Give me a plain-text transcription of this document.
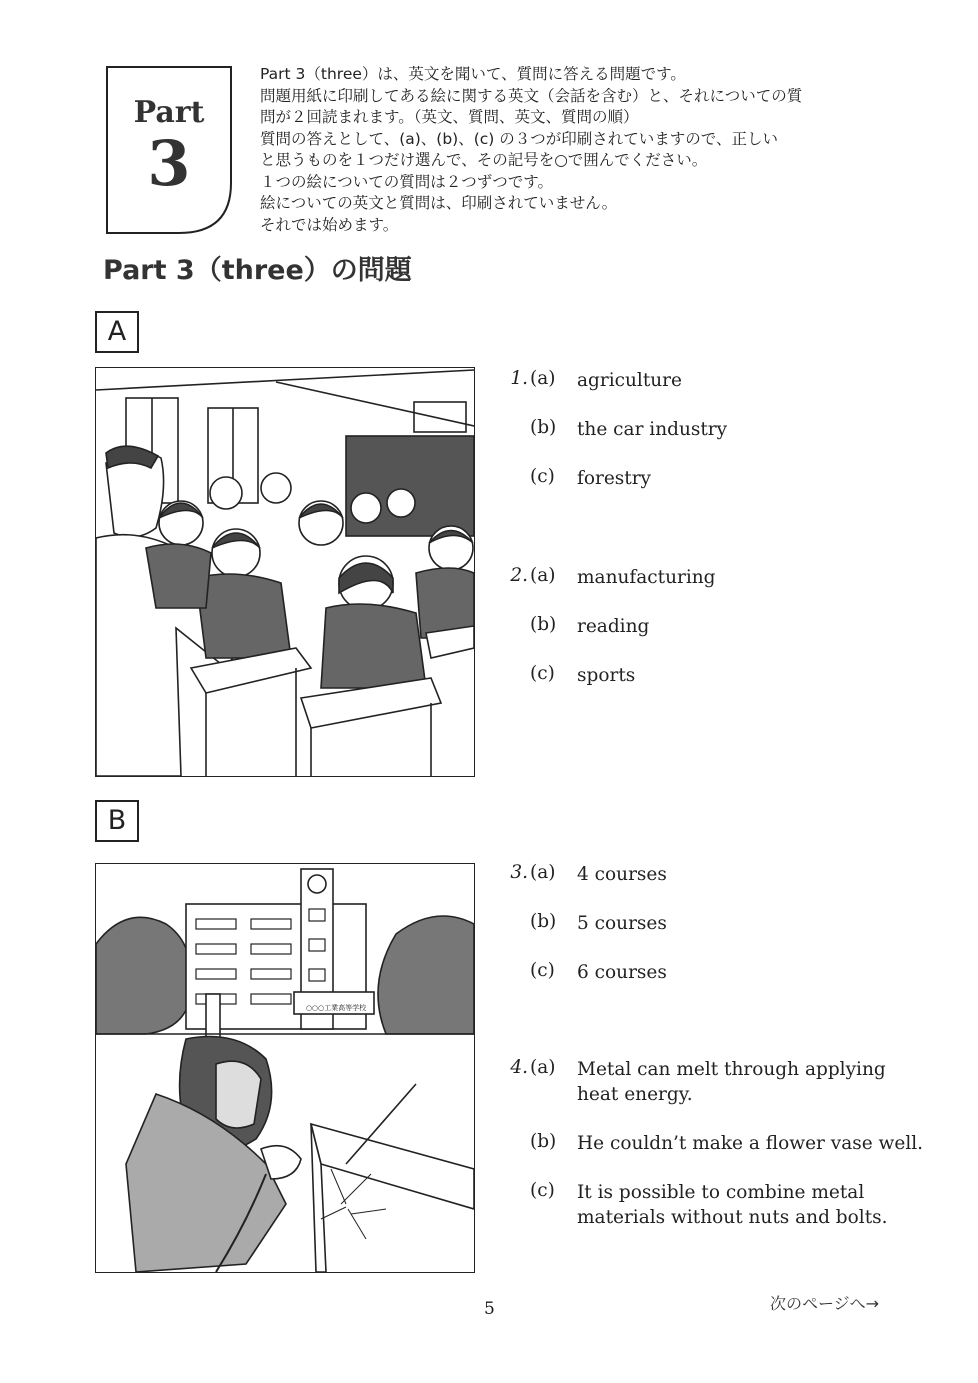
Part
3
Part 3（three）は、英文を聞いて、質問に答える問題です。
問題用紙に印刷してある絵に関する英文（会話を含む）と、それについての質
問が２回読まれます。（英文、質問、英文、質問の順）
質問の答えとして、(a)、(b)、(c) の３つが印刷されていますので、正しい
と思うものを１つだけ選んで、その記号を○で囲んでください。
１つの絵についての質問は２つずつです。
絵についての英文と質問は、印刷されていません。
それでは始めます。
Part 3（three）の問題
A
1. (a) agriculture
(b) the car industry
(c) forestry
2. (a) manufacturing
(b) reading
(c) sports
B
○○○工業高等学校
3. (a) 4 courses
(b) 5 courses
(c) 6 courses
4. (a) Metal can melt through applying heat energy.
(b) He couldn’t make a flower vase well.
(c) It is possible to combine metal materials without nuts and bolts.
5	次のページへ→
